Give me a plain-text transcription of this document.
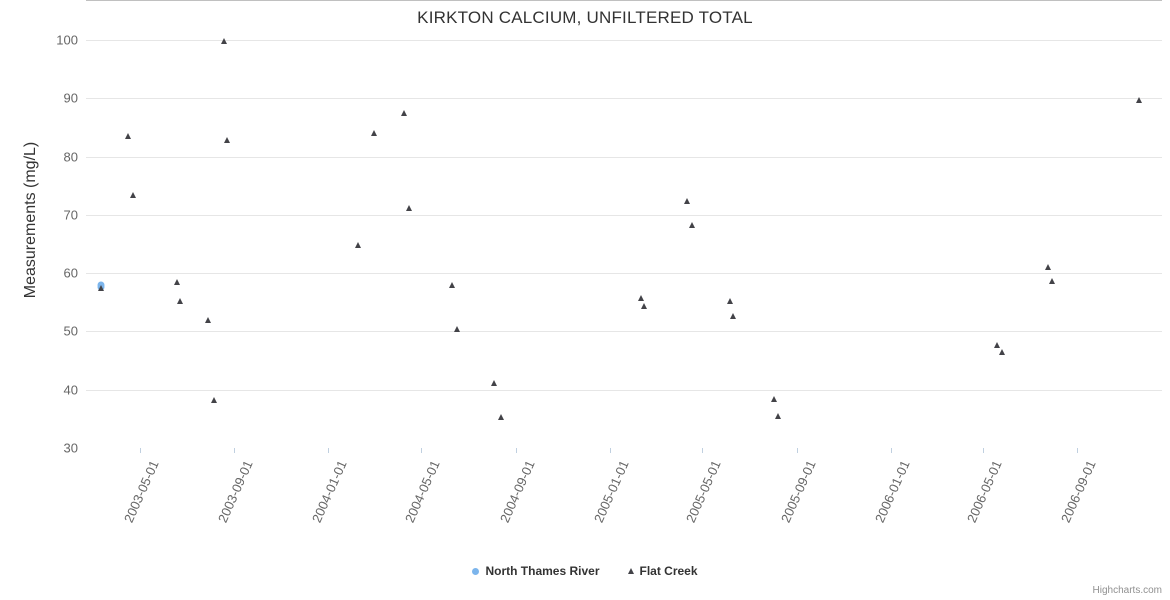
KIRKTON CALCIUM, UNFILTERED TOTAL
Measurements (mg/L)
30
40
50
60
70
80
90
100
2003-05-01	2003-09-01	2004-01-01	2004-05-01	2004-09-01	2005-01-01	2005-05-01	2005-09-01	2006-01-01	2006-05-01	2006-09-01
North Thames River	Flat Creek
Highcharts.com
